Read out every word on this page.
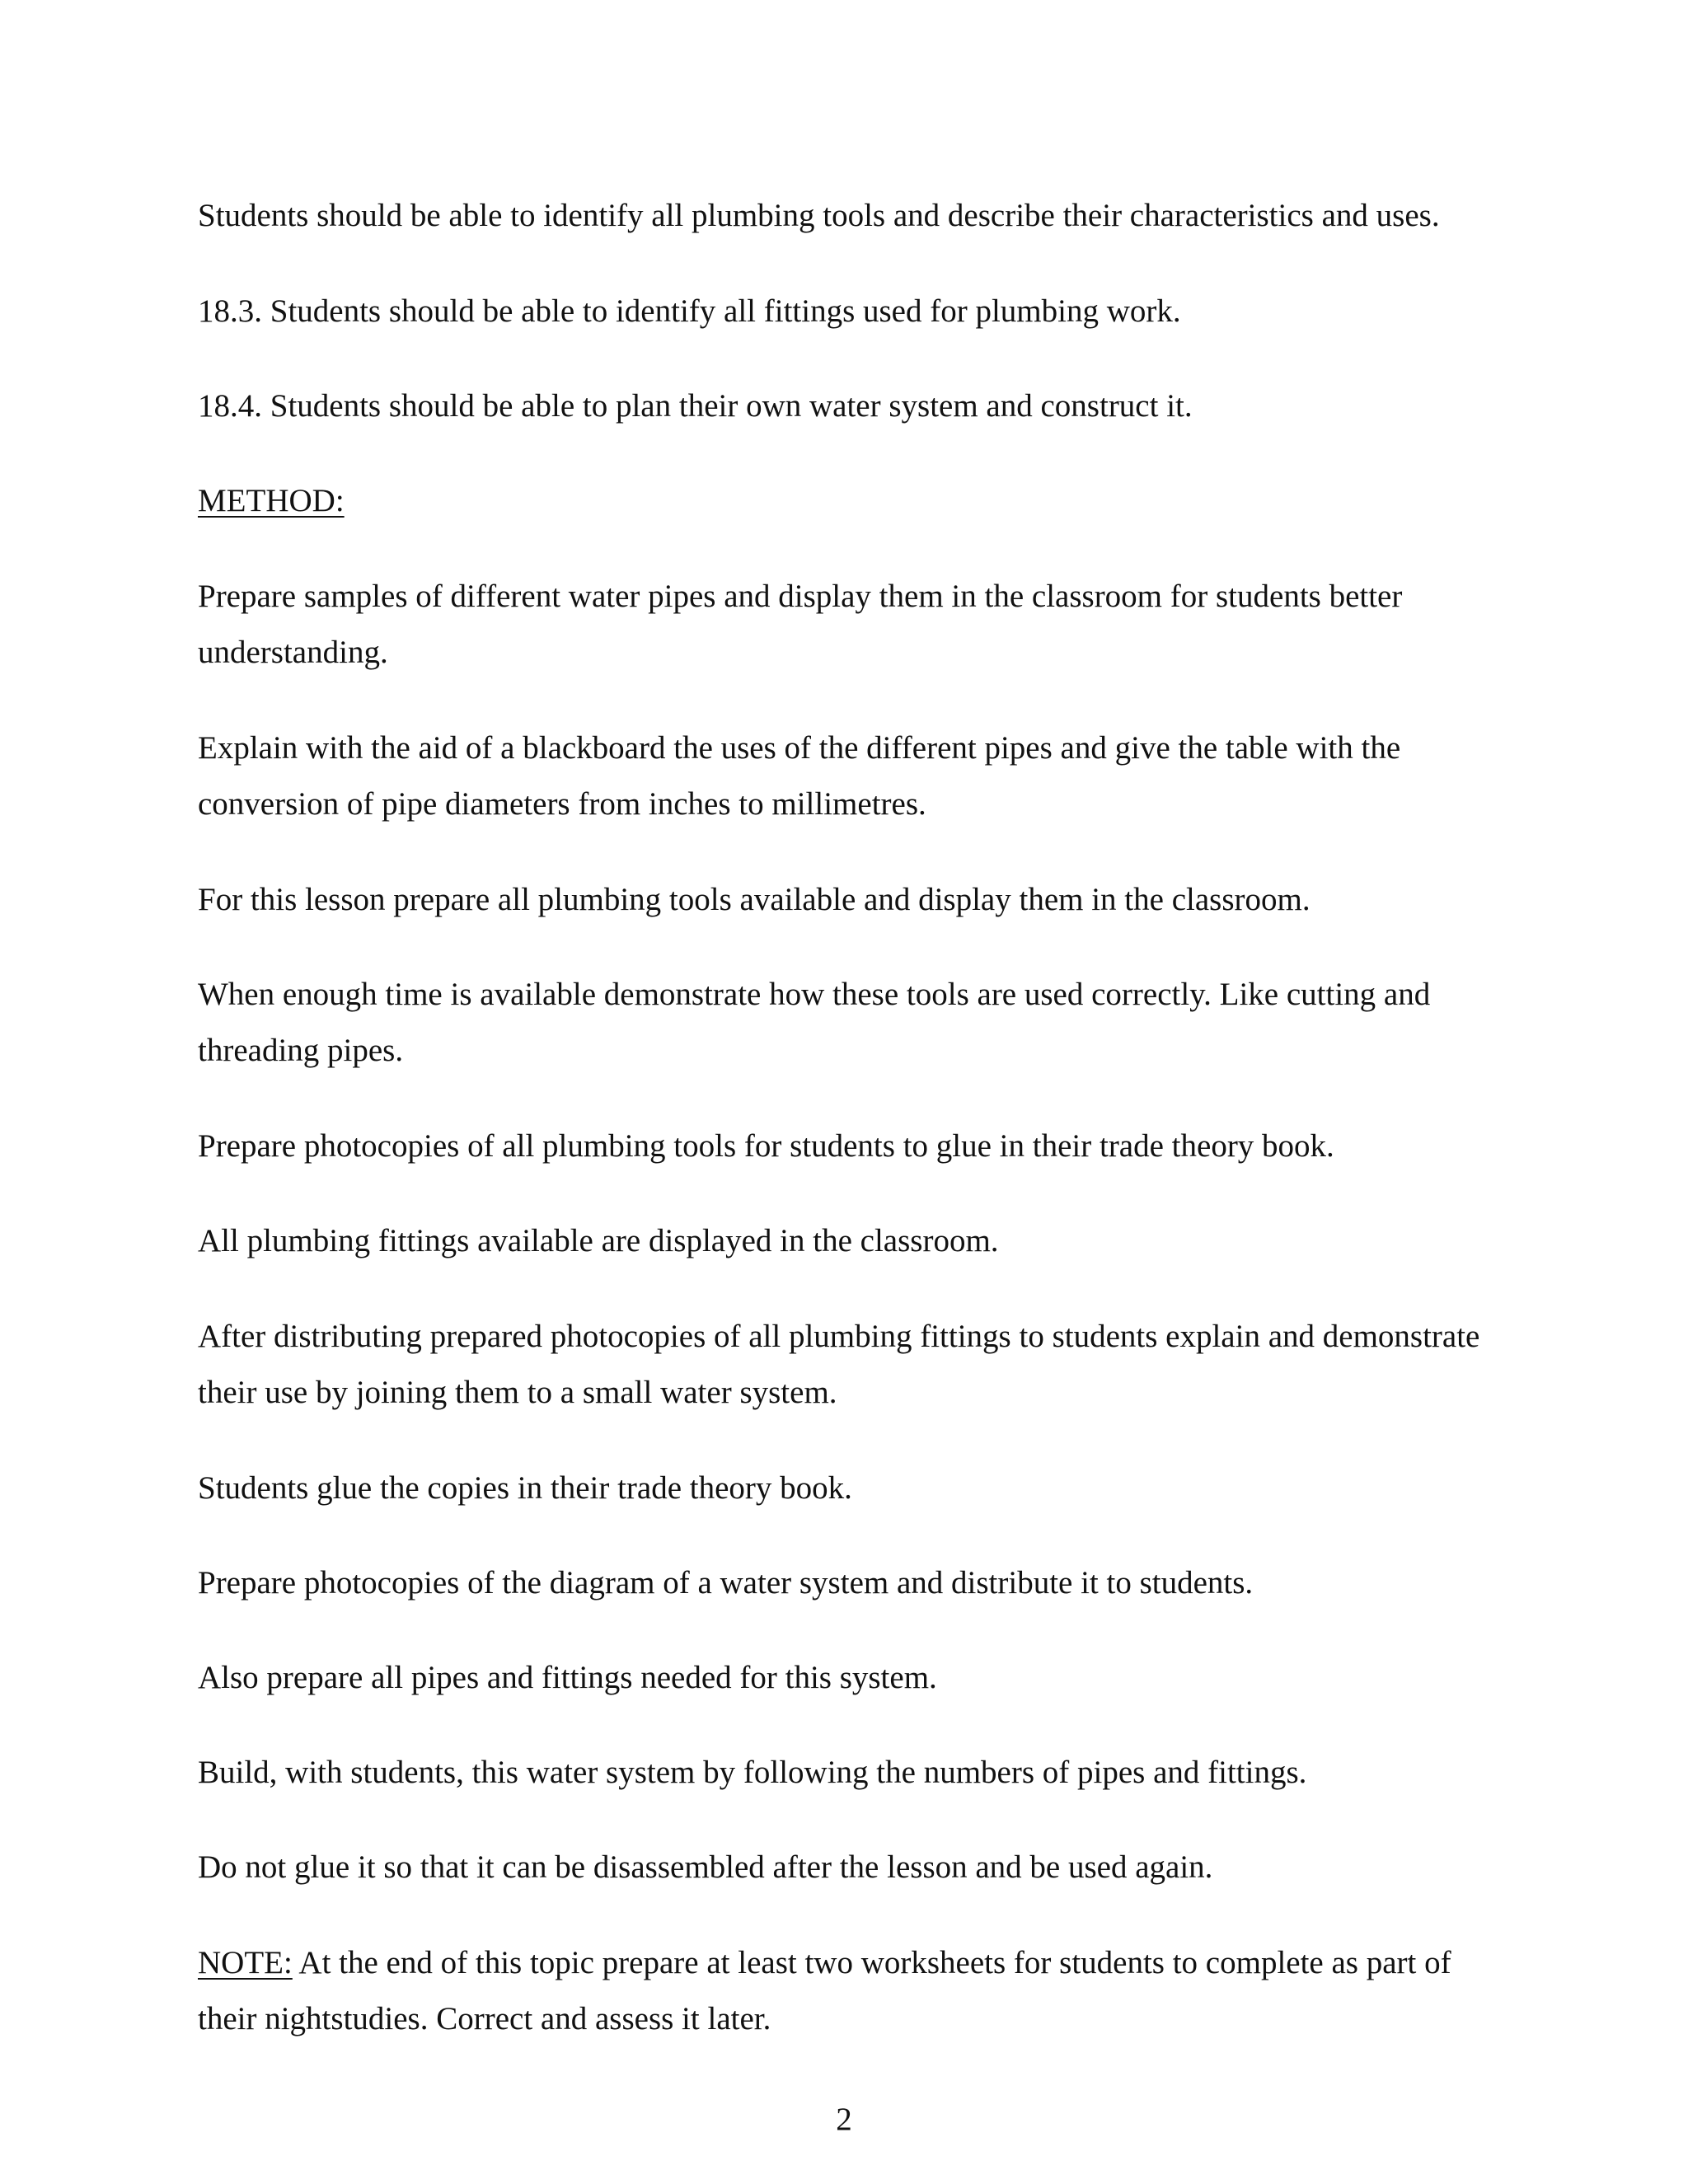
Students should be able to identify all plumbing tools and describe their characteristics and uses.

18.3. Students should be able to identify all fittings used for plumbing work.

18.4. Students should be able to plan their own water system and construct it.

METHOD:

Prepare samples of different water pipes and display them in the classroom for students better understanding.

Explain with the aid of a blackboard the uses of the different pipes and give the table with the conversion of pipe diameters from inches to millimetres.

For this lesson prepare all plumbing tools available and display them in the classroom.

When enough time is available demonstrate how these tools are used correctly. Like cutting and threading pipes.

Prepare photocopies of all plumbing tools for students to glue in their trade theory book.

All plumbing fittings available are displayed in the classroom.

After distributing prepared photocopies of all plumbing fittings to students explain and demonstrate their use by joining them to a small water system.

Students glue the copies in their trade theory book.

Prepare photocopies of the diagram of a water system and distribute it to students.

Also prepare all pipes and fittings needed for this system.

Build, with students, this water system by following the numbers of pipes and fittings.

Do not glue it so that it can be disassembled after the lesson and be used again.

NOTE: At the end of this topic prepare at least two worksheets for students to complete as part of their nightstudies. Correct and assess it later.

2
